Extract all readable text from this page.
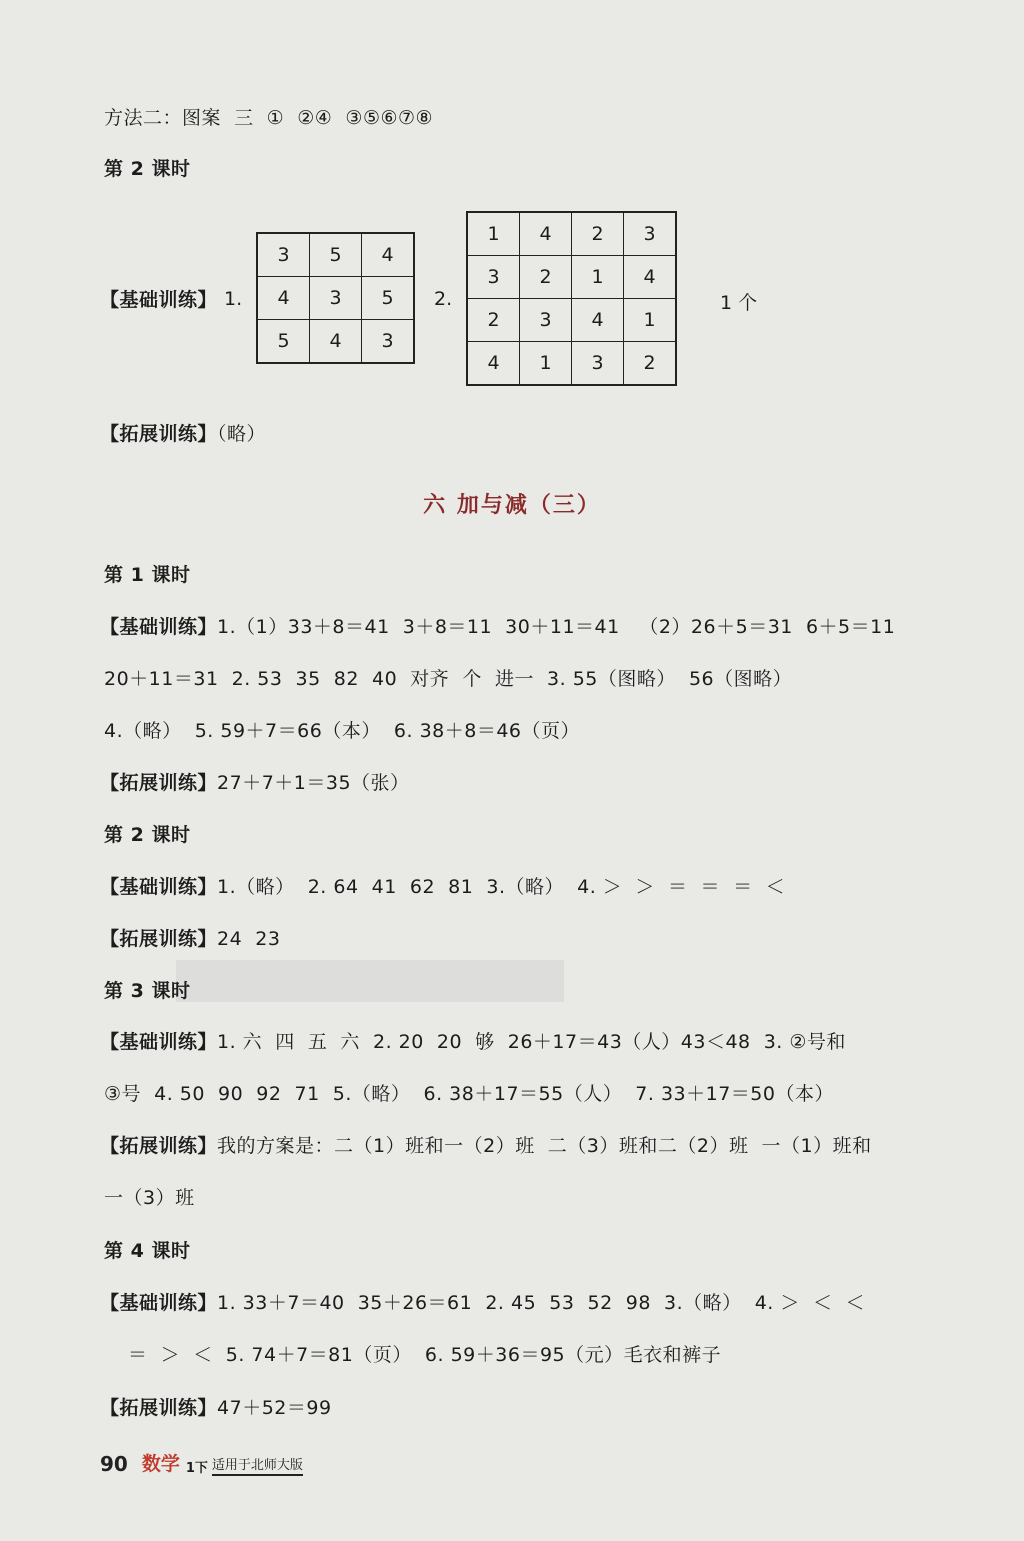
方法二：图案  三  ①  ②④  ③⑤⑥⑦⑧
第 2 课时
【基础训练】 1.
3	5	4
4	3	5
5	4	3
2.
1	4	2	3
3	2	1	4
2	3	4	1
4	1	3	2
1 个
【拓展训练】（略）
六 加与减（三）
第 1 课时
【基础训练】1.（1）33＋8＝41  3＋8＝11  30＋11＝41   （2）26＋5＝31  6＋5＝11
20＋11＝31  2. 53  35  82  40  对齐  个  进一  3. 55（图略）  56（图略）
4.（略）  5. 59＋7＝66（本）  6. 38＋8＝46（页）
【拓展训练】27＋7＋1＝35（张）
第 2 课时
【基础训练】1.（略）  2. 64  41  62  81  3.（略）  4. ＞  ＞  ＝  ＝  ＝  ＜
【拓展训练】24  23
第 3 课时
【基础训练】1. 六  四  五  六  2. 20  20  够  26＋17＝43（人）43＜48  3. ②号和
③号  4. 50  90  92  71  5.（略）  6. 38＋17＝55（人）  7. 33＋17＝50（本）
【拓展训练】我的方案是：二（1）班和一（2）班  二（3）班和二（2）班  一（1）班和
一（3）班
第 4 课时
【基础训练】1. 33＋7＝40  35＋26＝61  2. 45  53  52  98  3.（略）  4. ＞  ＜  ＜
＝  ＞  ＜  5. 74＋7＝81（页）  6. 59＋36＝95（元）毛衣和裤子
【拓展训练】47＋52＝99
90 数学 1下 适用于北师大版
